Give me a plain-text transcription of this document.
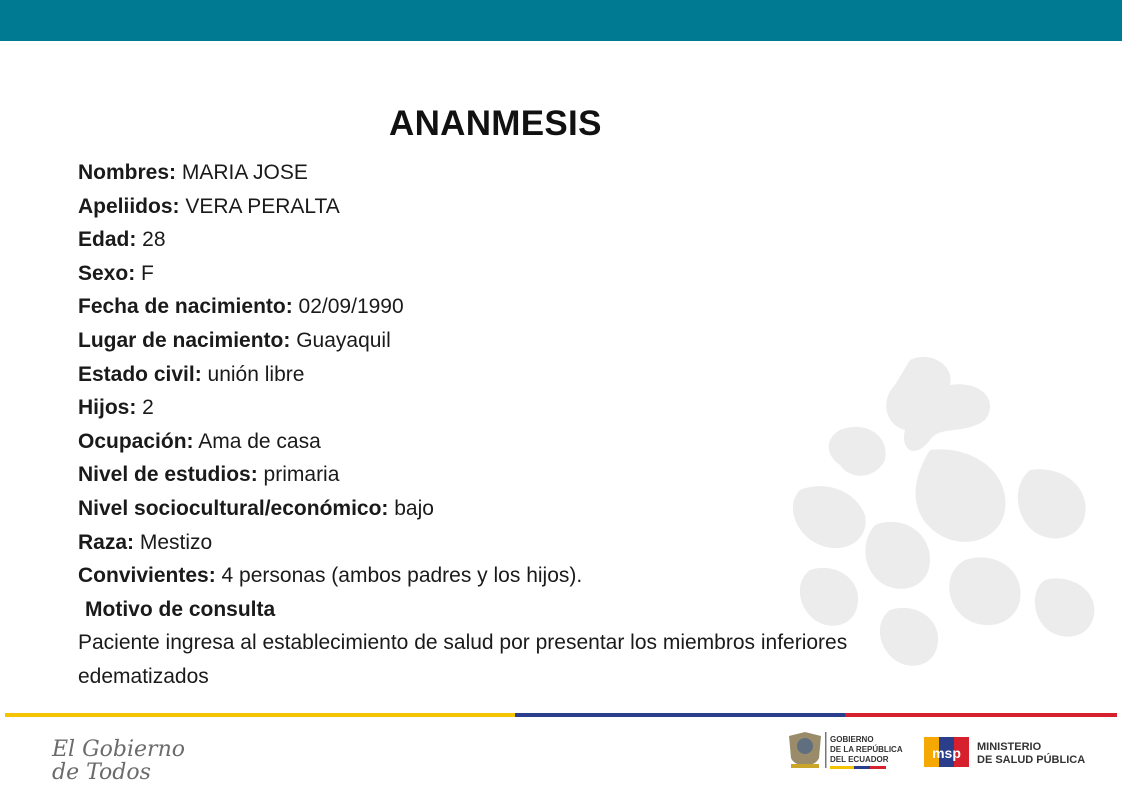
ANANMESIS
Nombres: MARIA JOSE
Apeliidos: VERA PERALTA
Edad: 28
Sexo: F
Fecha de nacimiento: 02/09/1990
Lugar de nacimiento: Guayaquil
Estado civil: unión libre
Hijos: 2
Ocupación: Ama de casa
Nivel de estudios: primaria
Nivel sociocultural/económico: bajo
Raza: Mestizo
Convivientes: 4 personas (ambos padres y los hijos).
Motivo de consulta
Paciente ingresa al establecimiento de salud por presentar los miembros inferiores edematizados
El Gobierno
de Todos
GOBIERNO
DE LA REPÚBLICA
DEL ECUADOR	msp MINISTERIO
DE SALUD PÚBLICA
